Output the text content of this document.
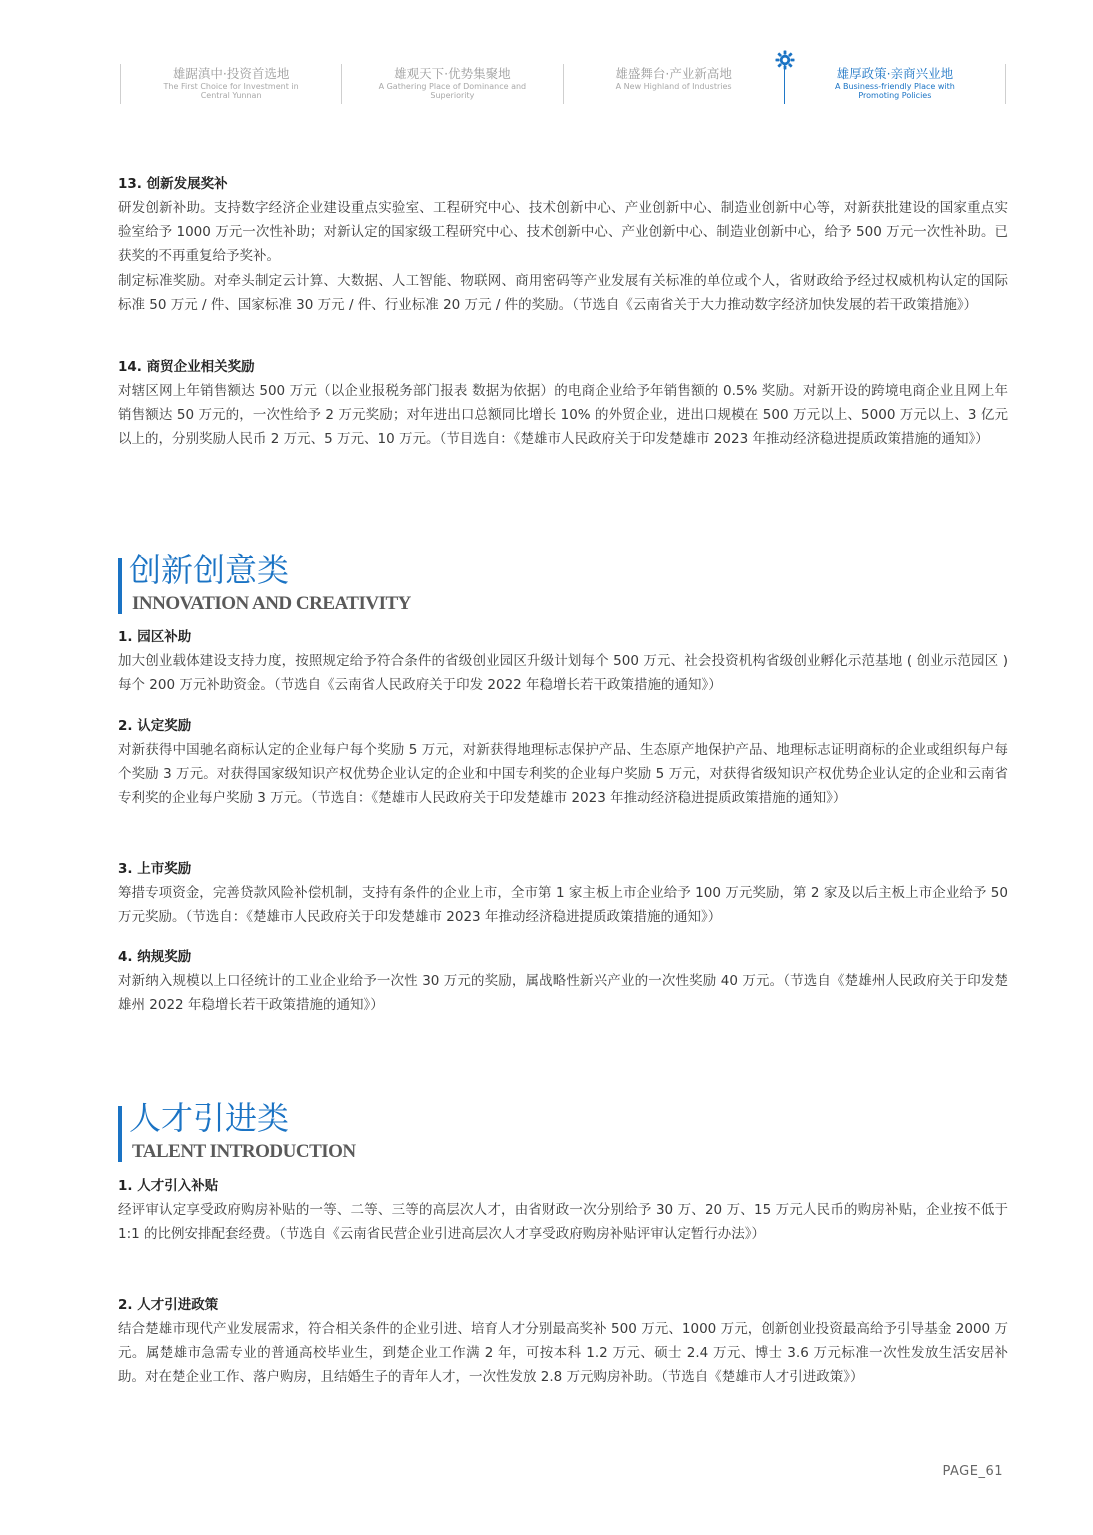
雄踞滇中·投资首选地
The First Choice for Investment in Central Yunnan
雄观天下·优势集聚地
A Gathering Place of Dominance and Superiority
雄盛舞台·产业新高地
A New Highland of Industries
雄厚政策·亲商兴业地
A Business-friendly Place with Promoting Policies
13. 创新发展奖补

研发创新补助。支持数字经济企业建设重点实验室、工程研究中心、技术创新中心、产业创新中心、制造业创新中心等，对新获批建设的国家重点实验室给予 1000 万元一次性补助；对新认定的国家级工程研究中心、技术创新中心、产业创新中心、制造业创新中心，给予 500 万元一次性补助。已获奖的不再重复给予奖补。

制定标准奖励。对牵头制定云计算、大数据、人工智能、物联网、商用密码等产业发展有关标准的单位或个人，省财政给予经过权威机构认定的国际标准 50 万元 / 件、国家标准 30 万元 / 件、行业标准 20 万元 / 件的奖励。（节选自《云南省关于大力推动数字经济加快发展的若干政策措施》）

14. 商贸企业相关奖励

对辖区网上年销售额达 500 万元（以企业报税务部门报表 数据为依据）的电商企业给予年销售额的 0.5% 奖励。对新开设的跨境电商企业且网上年销售额达 50 万元的，一次性给予 2 万元奖励；对年进出口总额同比增长 10% 的外贸企业，进出口规模在 500 万元以上、5000 万元以上、3 亿元以上的，分别奖励人民币 2 万元、5 万元、10 万元。（节目选自：《楚雄市人民政府关于印发楚雄市 2023 年推动经济稳进提质政策措施的通知》）

创新创意类
INNOVATION AND CREATIVITY
1. 园区补助

加大创业载体建设支持力度，按照规定给予符合条件的省级创业园区升级计划每个 500 万元、社会投资机构省级创业孵化示范基地 ( 创业示范园区 ) 每个 200 万元补助资金。（节选自《云南省人民政府关于印发 2022 年稳增长若干政策措施的通知》）

2. 认定奖励

对新获得中国驰名商标认定的企业每户每个奖励 5 万元，对新获得地理标志保护产品、生态原产地保护产品、地理标志证明商标的企业或组织每户每个奖励 3 万元。对获得国家级知识产权优势企业认定的企业和中国专利奖的企业每户奖励 5 万元，对获得省级知识产权优势企业认定的企业和云南省专利奖的企业每户奖励 3 万元。（节选自：《楚雄市人民政府关于印发楚雄市 2023 年推动经济稳进提质政策措施的通知》）

3. 上市奖励

筹措专项资金，完善贷款风险补偿机制，支持有条件的企业上市，全市第 1 家主板上市企业给予 100 万元奖励，第 2 家及以后主板上市企业给予 50 万元奖励。（节选自：《楚雄市人民政府关于印发楚雄市 2023 年推动经济稳进提质政策措施的通知》）

4. 纳规奖励

对新纳入规模以上口径统计的工业企业给予一次性 30 万元的奖励，属战略性新兴产业的一次性奖励 40 万元。（节选自《楚雄州人民政府关于印发楚雄州 2022 年稳增长若干政策措施的通知》）

人才引进类
TALENT INTRODUCTION
1. 人才引入补贴

经评审认定享受政府购房补贴的一等、二等、三等的高层次人才，由省财政一次分别给予 30 万、20 万、15 万元人民币的购房补贴，企业按不低于 1:1 的比例安排配套经费。（节选自《云南省民营企业引进高层次人才享受政府购房补贴评审认定暂行办法》）

2. 人才引进政策

结合楚雄市现代产业发展需求，符合相关条件的企业引进、培育人才分别最高奖补 500 万元、1000 万元，创新创业投资最高给予引导基金 2000 万元。属楚雄市急需专业的普通高校毕业生，到楚企业工作满 2 年，可按本科 1.2 万元、硕士 2.4 万元、博士 3.6 万元标准一次性发放生活安居补助。对在楚企业工作、落户购房，且结婚生子的青年人才，一次性发放 2.8 万元购房补助。（节选自《楚雄市人才引进政策》）

PAGE_61
